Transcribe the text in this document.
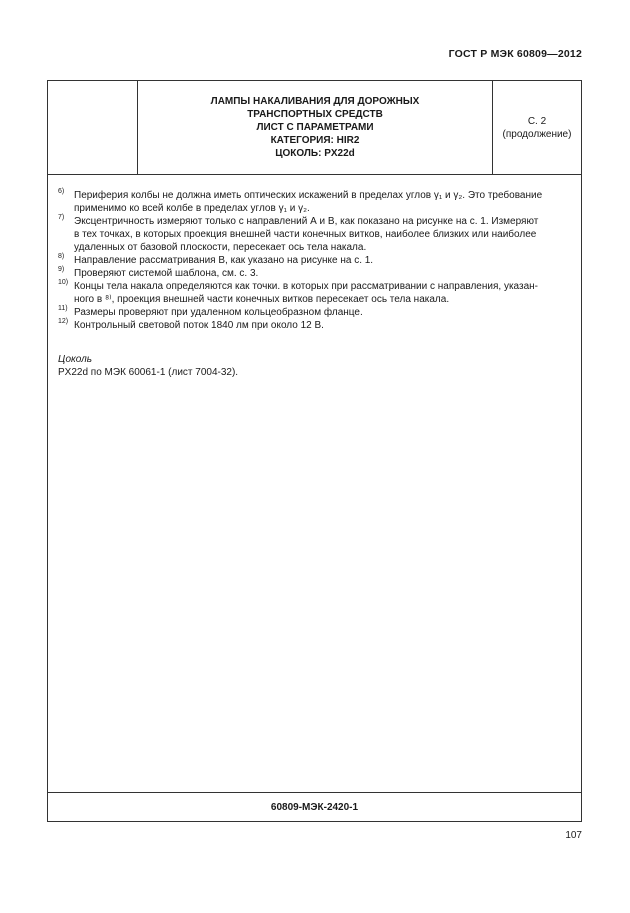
ГОСТ Р МЭК 60809—2012
ЛАМПЫ НАКАЛИВАНИЯ ДЛЯ ДОРОЖНЫХ
ТРАНСПОРТНЫХ СРЕДСТВ
ЛИСТ С ПАРАМЕТРАМИ
КАТЕГОРИЯ: HIR2
ЦОКОЛЬ: PX22d
С. 2
(продолжение)
6) Периферия колбы не должна иметь оптических искажений в пределах углов γ₁ и γ₂. Это требование
применимо ко всей колбе в пределах углов γ₁ и γ₂.
7) Эксцентричность измеряют только с направлений А и В, как показано на рисунке на с. 1. Измеряют
в тех точках, в которых проекция внешней части конечных витков, наиболее близких или наиболее
удаленных от базовой плоскости, пересекает ось тела накала.
8) Направление рассматривания В, как указано на рисунке на с. 1.
9) Проверяют системой шаблона, см. с. 3.
10) Концы тела накала определяются как точки. в которых при рассматривании с направления, указан-
ного в ⁸⁾, проекция внешней части конечных витков пересекает ось тела накала.
11) Размеры проверяют при удаленном кольцеобразном фланце.
12) Контрольный световой поток 1840 лм при около 12 В.
Цоколь
PX22d по МЭК 60061-1 (лист 7004-32).
60809-МЭК-2420-1
107
